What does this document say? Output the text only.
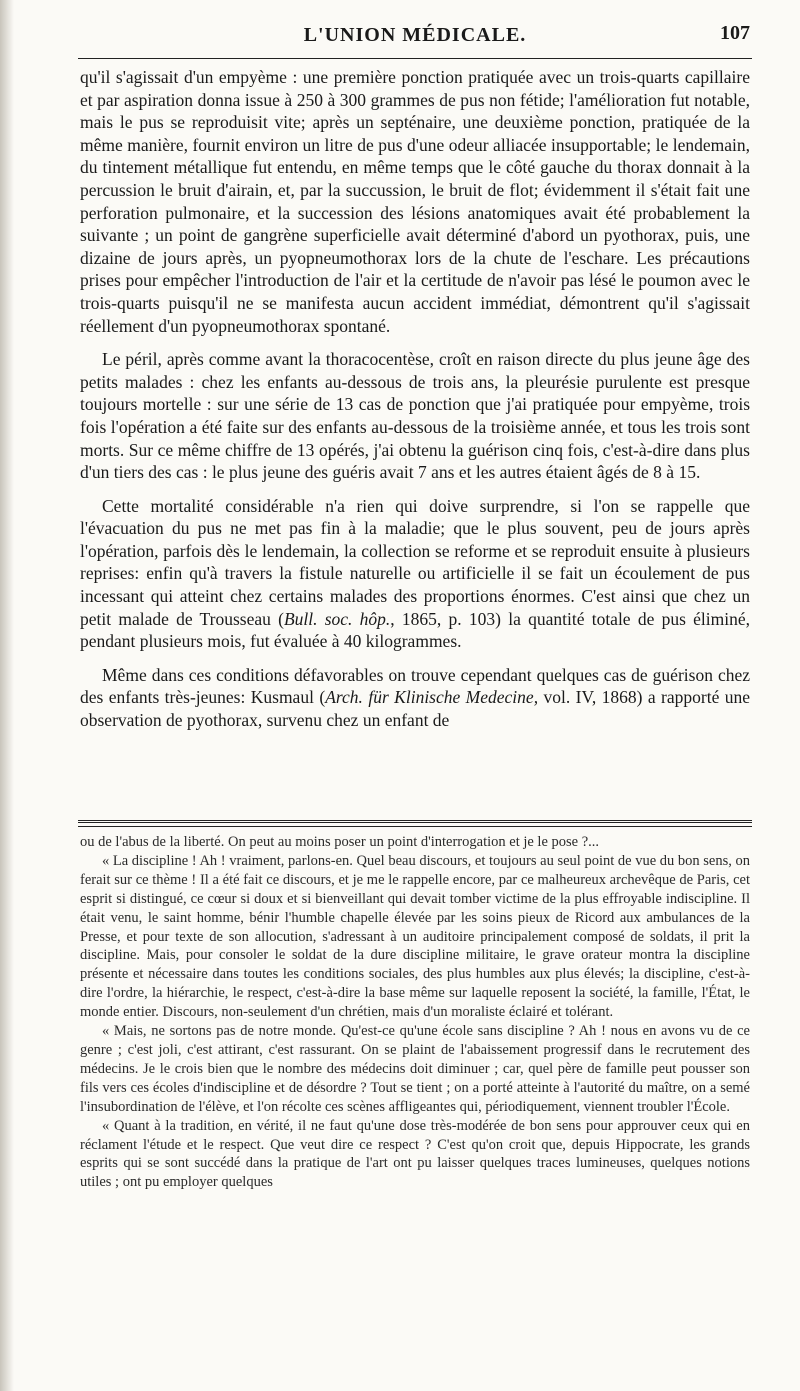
L'UNION MÉDICALE.	107

qu'il s'agissait d'un empyème : une première ponction pratiquée avec un trois-quarts capillaire et par aspiration donna issue à 250 à 300 grammes de pus non fétide; l'amélioration fut notable, mais le pus se reproduisit vite; après un septénaire, une deuxième ponction, pratiquée de la même manière, fournit environ un litre de pus d'une odeur alliacée insupportable; le lendemain, du tintement métallique fut entendu, en même temps que le côté gauche du thorax donnait à la percussion le bruit d'airain, et, par la succussion, le bruit de flot; évidemment il s'était fait une perforation pulmonaire, et la succession des lésions anatomiques avait été probablement la suivante ; un point de gangrène superficielle avait déterminé d'abord un pyothorax, puis, une dizaine de jours après, un pyopneumothorax lors de la chute de l'eschare. Les précautions prises pour empêcher l'introduction de l'air et la certitude de n'avoir pas lésé le poumon avec le trois-quarts puisqu'il ne se manifesta aucun accident immédiat, démontrent qu'il s'agissait réellement d'un pyopneumothorax spontané.

Le péril, après comme avant la thoracocentèse, croît en raison directe du plus jeune âge des petits malades : chez les enfants au-dessous de trois ans, la pleurésie purulente est presque toujours mortelle : sur une série de 13 cas de ponction que j'ai pratiquée pour empyème, trois fois l'opération a été faite sur des enfants au-dessous de la troisième année, et tous les trois sont morts. Sur ce même chiffre de 13 opérés, j'ai obtenu la guérison cinq fois, c'est-à-dire dans plus d'un tiers des cas : le plus jeune des guéris avait 7 ans et les autres étaient âgés de 8 à 15.

Cette mortalité considérable n'a rien qui doive surprendre, si l'on se rappelle que l'évacuation du pus ne met pas fin à la maladie; que le plus souvent, peu de jours après l'opération, parfois dès le lendemain, la collection se reforme et se reproduit ensuite à plusieurs reprises: enfin qu'à travers la fistule naturelle ou artificielle il se fait un écoulement de pus incessant qui atteint chez certains malades des proportions énormes. C'est ainsi que chez un petit malade de Trousseau (Bull. soc. hôp., 1865, p. 103) la quantité totale de pus éliminé, pendant plusieurs mois, fut évaluée à 40 kilogrammes.

Même dans ces conditions défavorables on trouve cependant quelques cas de guérison chez des enfants très-jeunes: Kusmaul (Arch. für Klinische Medecine, vol. IV, 1868) a rapporté une observation de pyothorax, survenu chez un enfant de

ou de l'abus de la liberté. On peut au moins poser un point d'interrogation et je le pose ?...

« La discipline ! Ah ! vraiment, parlons-en. Quel beau discours, et toujours au seul point de vue du bon sens, on ferait sur ce thème ! Il a été fait ce discours, et je me le rappelle encore, par ce malheureux archevêque de Paris, cet esprit si distingué, ce cœur si doux et si bienveillant qui devait tomber victime de la plus effroyable indiscipline. Il était venu, le saint homme, bénir l'humble chapelle élevée par les soins pieux de Ricord aux ambulances de la Presse, et pour texte de son allocution, s'adressant à un auditoire principalement composé de soldats, il prit la discipline. Mais, pour consoler le soldat de la dure discipline militaire, le grave orateur montra la discipline présente et nécessaire dans toutes les conditions sociales, des plus humbles aux plus élevés; la discipline, c'est-à-dire l'ordre, la hiérarchie, le respect, c'est-à-dire la base même sur laquelle reposent la société, la famille, l'État, le monde entier. Discours, non-seulement d'un chrétien, mais d'un moraliste éclairé et tolérant.

« Mais, ne sortons pas de notre monde. Qu'est-ce qu'une école sans discipline ? Ah ! nous en avons vu de ce genre ; c'est joli, c'est attirant, c'est rassurant. On se plaint de l'abaissement progressif dans le recrutement des médecins. Je le crois bien que le nombre des médecins doit diminuer ; car, quel père de famille peut pousser son fils vers ces écoles d'indiscipline et de désordre ? Tout se tient ; on a porté atteinte à l'autorité du maître, on a semé l'insubordination de l'élève, et l'on récolte ces scènes affligeantes qui, périodiquement, viennent troubler l'École.

« Quant à la tradition, en vérité, il ne faut qu'une dose très-modérée de bon sens pour approuver ceux qui en réclament l'étude et le respect. Que veut dire ce respect ? C'est qu'on croit que, depuis Hippocrate, les grands esprits qui se sont succédé dans la pratique de l'art ont pu laisser quelques traces lumineuses, quelques notions utiles ; ont pu employer quelques
